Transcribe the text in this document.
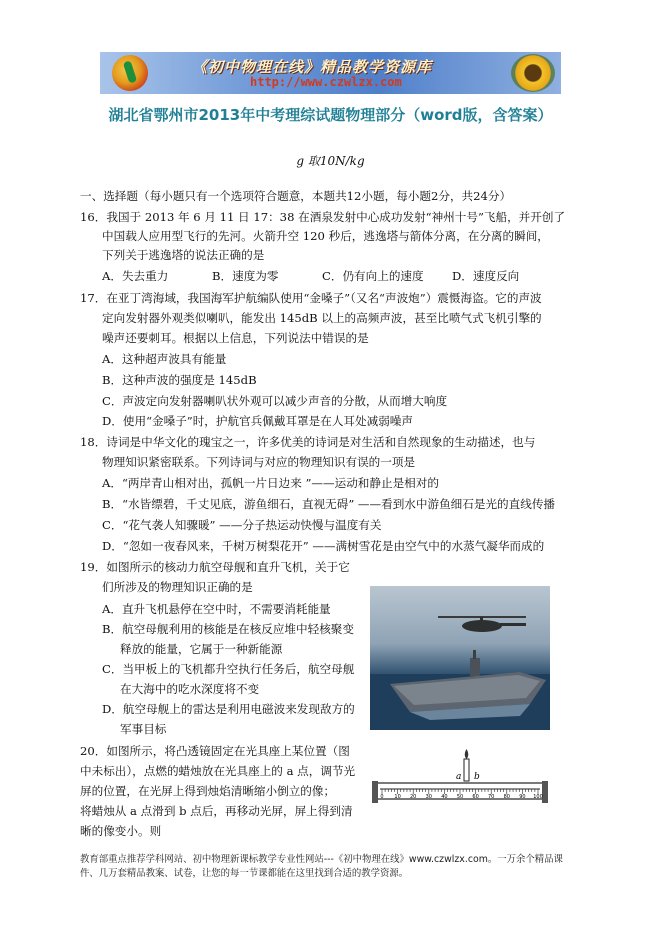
《初中物理在线》精品教学资源库
http://www.czwlzx.com
湖北省鄂州市2013年中考理综试题物理部分（word版，含答案）
g 取10N/kg
一、选择题（每小题只有一个选项符合题意，本题共12小题，每小题2分，共24分）
16．我国于 2013 年 6 月 11 日 17：38 在酒泉发射中心成功发射“神州十号”飞船，并开创了
中国载人应用型飞行的先河。火箭升空 120 秒后，逃逸塔与箭体分离，在分离的瞬间，
下列关于逃逸塔的说法正确的是
A．失去重力	B．速度为零	C．仍有向上的速度 D．速度反向
17．在亚丁湾海域，我国海军护航编队使用“金嗓子”（又名“声波炮”）震慑海盗。它的声波
定向发射器外观类似喇叭，能发出 145dB 以上的高频声波，甚至比喷气式飞机引擎的
噪声还要刺耳。根据以上信息，下列说法中错误的是
A．这种超声波具有能量
B．这种声波的强度是 145dB
C．声波定向发射器喇叭状外观可以减少声音的分散，从而增大响度
D．使用“金嗓子”时，护航官兵佩戴耳罩是在人耳处减弱噪声
18．诗词是中华文化的瑰宝之一，许多优美的诗词是对生活和自然现象的生动描述，也与
物理知识紧密联系。下列诗词与对应的物理知识有误的一项是
A．“两岸青山相对出，孤帆一片日边来 ”——运动和静止是相对的
B．“水皆缥碧，千丈见底，游鱼细石，直视无碍” ——看到水中游鱼细石是光的直线传播
C．“花气袭人知骤暖” ——分子热运动快慢与温度有关
D．“忽如一夜春风来，千树万树梨花开” ——满树雪花是由空气中的水蒸气凝华而成的
19．如图所示的核动力航空母舰和直升飞机，关于它
们所涉及的物理知识正确的是
A．直升飞机悬停在空中时，不需要消耗能量
B．航空母舰利用的核能是在核反应堆中轻核聚变
释放的能量，它属于一种新能源
C．当甲板上的飞机都升空执行任务后，航空母舰
在大海中的吃水深度将不变
D．航空母舰上的雷达是利用电磁波来发现敌方的
军事目标
20．如图所示，将凸透镜固定在光具座上某位置（图
中未标出），点燃的蜡烛放在光具座上的 a 点，调节光
屏的位置，在光屏上得到烛焰清晰缩小倒立的像；
将蜡烛从 a 点滑到 b 点后，再移动光屏，屏上得到清
晰的像变小。则
0 10 20 30 40 50 60 70 80 90 100
a b
教育部重点推荐学科网站、初中物理新课标教学专业性网站---《初中物理在线》www.czwlzx.com。一万余个精品课
件、几万套精品教案、试卷，让您的每一节课都能在这里找到合适的教学资源。
